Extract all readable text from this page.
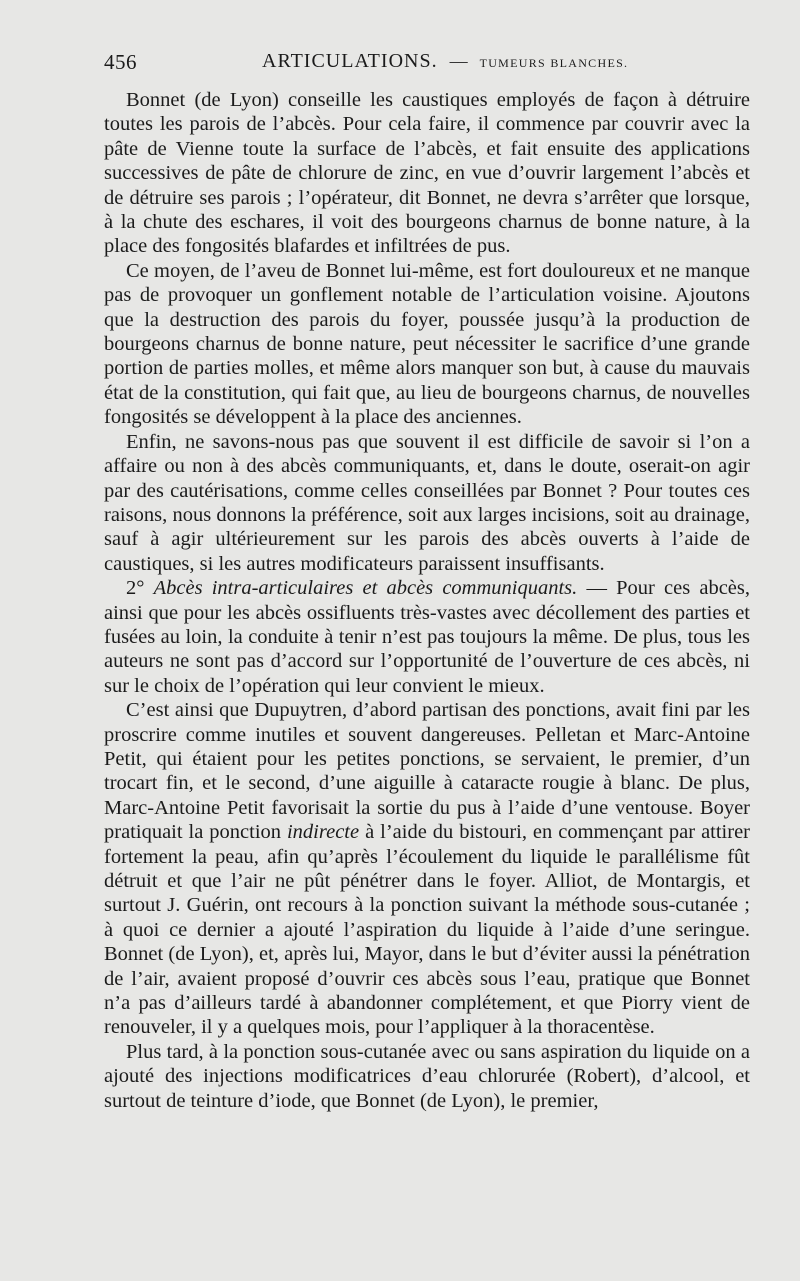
456	ARTICULATIONS. — TUMEURS BLANCHES.

Bonnet (de Lyon) conseille les caustiques employés de façon à détruire toutes les parois de l’abcès. Pour cela faire, il commence par couvrir avec la pâte de Vienne toute la surface de l’abcès, et fait ensuite des applications successives de pâte de chlorure de zinc, en vue d’ouvrir largement l’abcès et de détruire ses parois ; l’opérateur, dit Bonnet, ne devra s’arrêter que lorsque, à la chute des eschares, il voit des bourgeons charnus de bonne nature, à la place des fongosités blafardes et infiltrées de pus.

Ce moyen, de l’aveu de Bonnet lui-même, est fort douloureux et ne manque pas de provoquer un gonflement notable de l’articulation voisine. Ajoutons que la destruction des parois du foyer, poussée jusqu’à la production de bourgeons charnus de bonne nature, peut nécessiter le sacrifice d’une grande portion de parties molles, et même alors manquer son but, à cause du mauvais état de la constitution, qui fait que, au lieu de bourgeons charnus, de nouvelles fongosités se développent à la place des anciennes.

Enfin, ne savons-nous pas que souvent il est difficile de savoir si l’on a affaire ou non à des abcès communiquants, et, dans le doute, oserait-on agir par des cautérisations, comme celles conseillées par Bonnet ? Pour toutes ces raisons, nous donnons la préférence, soit aux larges incisions, soit au drainage, sauf à agir ultérieurement sur les parois des abcès ouverts à l’aide de caustiques, si les autres modificateurs paraissent insuffisants.

2° Abcès intra-articulaires et abcès communiquants. — Pour ces abcès, ainsi que pour les abcès ossifluents très-vastes avec décollement des parties et fusées au loin, la conduite à tenir n’est pas toujours la même. De plus, tous les auteurs ne sont pas d’accord sur l’opportunité de l’ouverture de ces abcès, ni sur le choix de l’opération qui leur convient le mieux.

C’est ainsi que Dupuytren, d’abord partisan des ponctions, avait fini par les proscrire comme inutiles et souvent dangereuses. Pelletan et Marc-Antoine Petit, qui étaient pour les petites ponctions, se servaient, le premier, d’un trocart fin, et le second, d’une aiguille à cataracte rougie à blanc. De plus, Marc-Antoine Petit favorisait la sortie du pus à l’aide d’une ventouse. Boyer pratiquait la ponction indirecte à l’aide du bistouri, en commençant par attirer fortement la peau, afin qu’après l’écoulement du liquide le parallélisme fût détruit et que l’air ne pût pénétrer dans le foyer. Alliot, de Montargis, et surtout J. Guérin, ont recours à la ponction suivant la méthode sous-cutanée ; à quoi ce dernier a ajouté l’aspiration du liquide à l’aide d’une seringue. Bonnet (de Lyon), et, après lui, Mayor, dans le but d’éviter aussi la pénétration de l’air, avaient proposé d’ouvrir ces abcès sous l’eau, pratique que Bonnet n’a pas d’ailleurs tardé à abandonner complétement, et que Piorry vient de renouveler, il y a quelques mois, pour l’appliquer à la thoracentèse.

Plus tard, à la ponction sous-cutanée avec ou sans aspiration du liquide on a ajouté des injections modificatrices d’eau chlorurée (Robert), d’alcool, et surtout de teinture d’iode, que Bonnet (de Lyon), le premier,
